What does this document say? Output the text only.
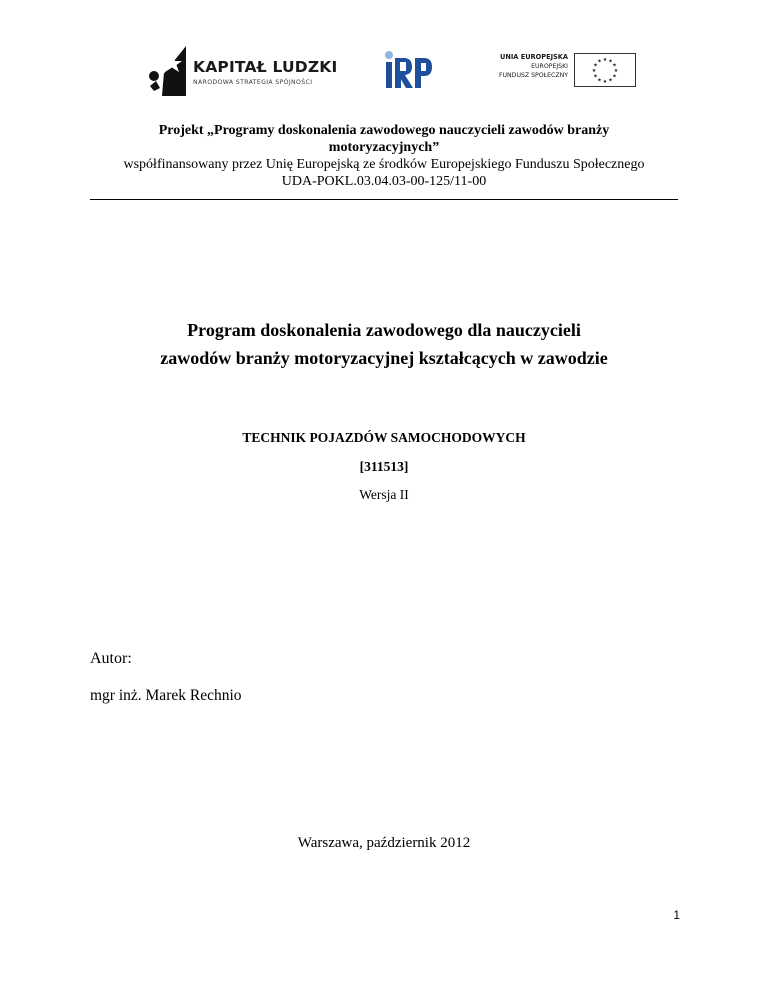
KAPITAŁ LUDZKI
NARODOWA STRATEGIA SPÓJNOŚCI
UNIA EUROPEJSKA
EUROPEJSKI
FUNDUSZ SPOŁECZNY
★ ★
★
★
★
★
★
★
★
★
★
★
Projekt „Programy doskonalenia zawodowego nauczycieli zawodów branży
motoryzacyjnych”
współfinansowany przez Unię Europejską ze środków Europejskiego Funduszu Społecznego
UDA-POKL.03.04.03-00-125/11-00
Program doskonalenia zawodowego dla nauczycieli
zawodów branży motoryzacyjnej kształcących w zawodzie
TECHNIK POJAZDÓW SAMOCHODOWYCH
[311513]
Wersja II
Autor:
mgr inż. Marek Rechnio
Warszawa, październik 2012
1
